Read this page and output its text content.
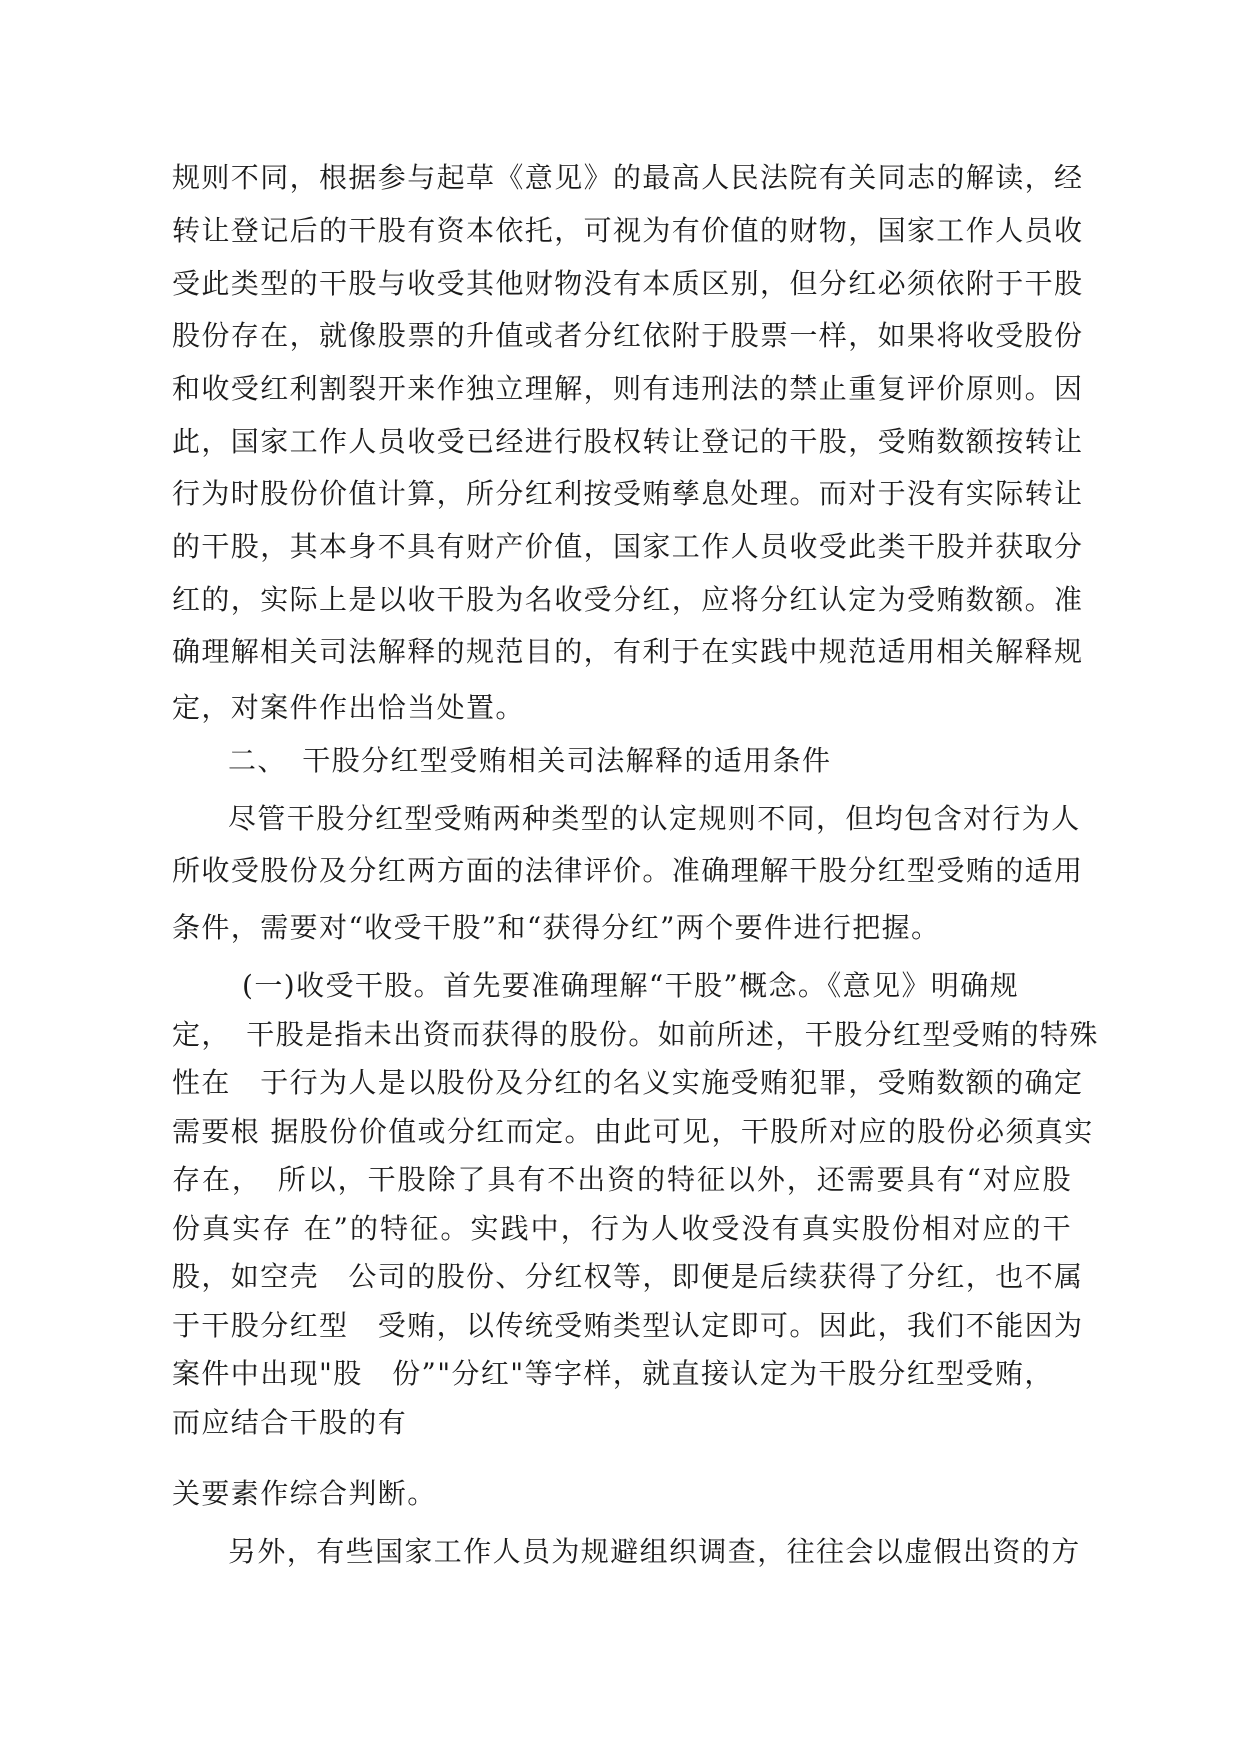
规则不同，根据参与起草《意见》的最高人民法院有关同志的解读，经
转让登记后的干股有资本依托，可视为有价值的财物，国家工作人员收
受此类型的干股与收受其他财物没有本质区别，但分红必须依附于干股
股份存在，就像股票的升值或者分红依附于股票一样，如果将收受股份
和收受红利割裂开来作独立理解，则有违刑法的禁止重复评价原则。因
此，国家工作人员收受已经进行股权转让登记的干股，受贿数额按转让
行为时股份价值计算，所分红利按受贿孳息处理。而对于没有实际转让
的干股，其本身不具有财产价值，国家工作人员收受此类干股并获取分
红的，实际上是以收干股为名收受分红，应将分红认定为受贿数额。准
确理解相关司法解释的规范目的，有利于在实践中规范适用相关解释规
定，对案件作出恰当处置。
二、　干股分红型受贿相关司法解释的适用条件
尽管干股分红型受贿两种类型的认定规则不同，但均包含对行为人
所收受股份及分红两方面的法律评价。准确理解干股分红型受贿的适用
条件，需要对“收受干股”和“获得分红”两个要件进行把握。
(一)收受干股。首先要准确理解“干股”概念。《意见》明确规
定，　干股是指未出资而获得的股份。如前所述，干股分红型受贿的特殊
性在　于行为人是以股份及分红的名义实施受贿犯罪，受贿数额的确定
需要根 据股份价值或分红而定。由此可见，干股所对应的股份必须真实
存在，　所以，干股除了具有不出资的特征以外，还需要具有“对应股
份真实存 在”的特征。实践中，行为人收受没有真实股份相对应的干
股，如空壳　公司的股份、分红权等，即便是后续获得了分红，也不属
于干股分红型　受贿，以传统受贿类型认定即可。因此，我们不能因为
案件中出现"股　份”"分红"等字样，就直接认定为干股分红型受贿，
而应结合干股的有
关要素作综合判断。
另外，有些国家工作人员为规避组织调查，往往会以虚假出资的方
